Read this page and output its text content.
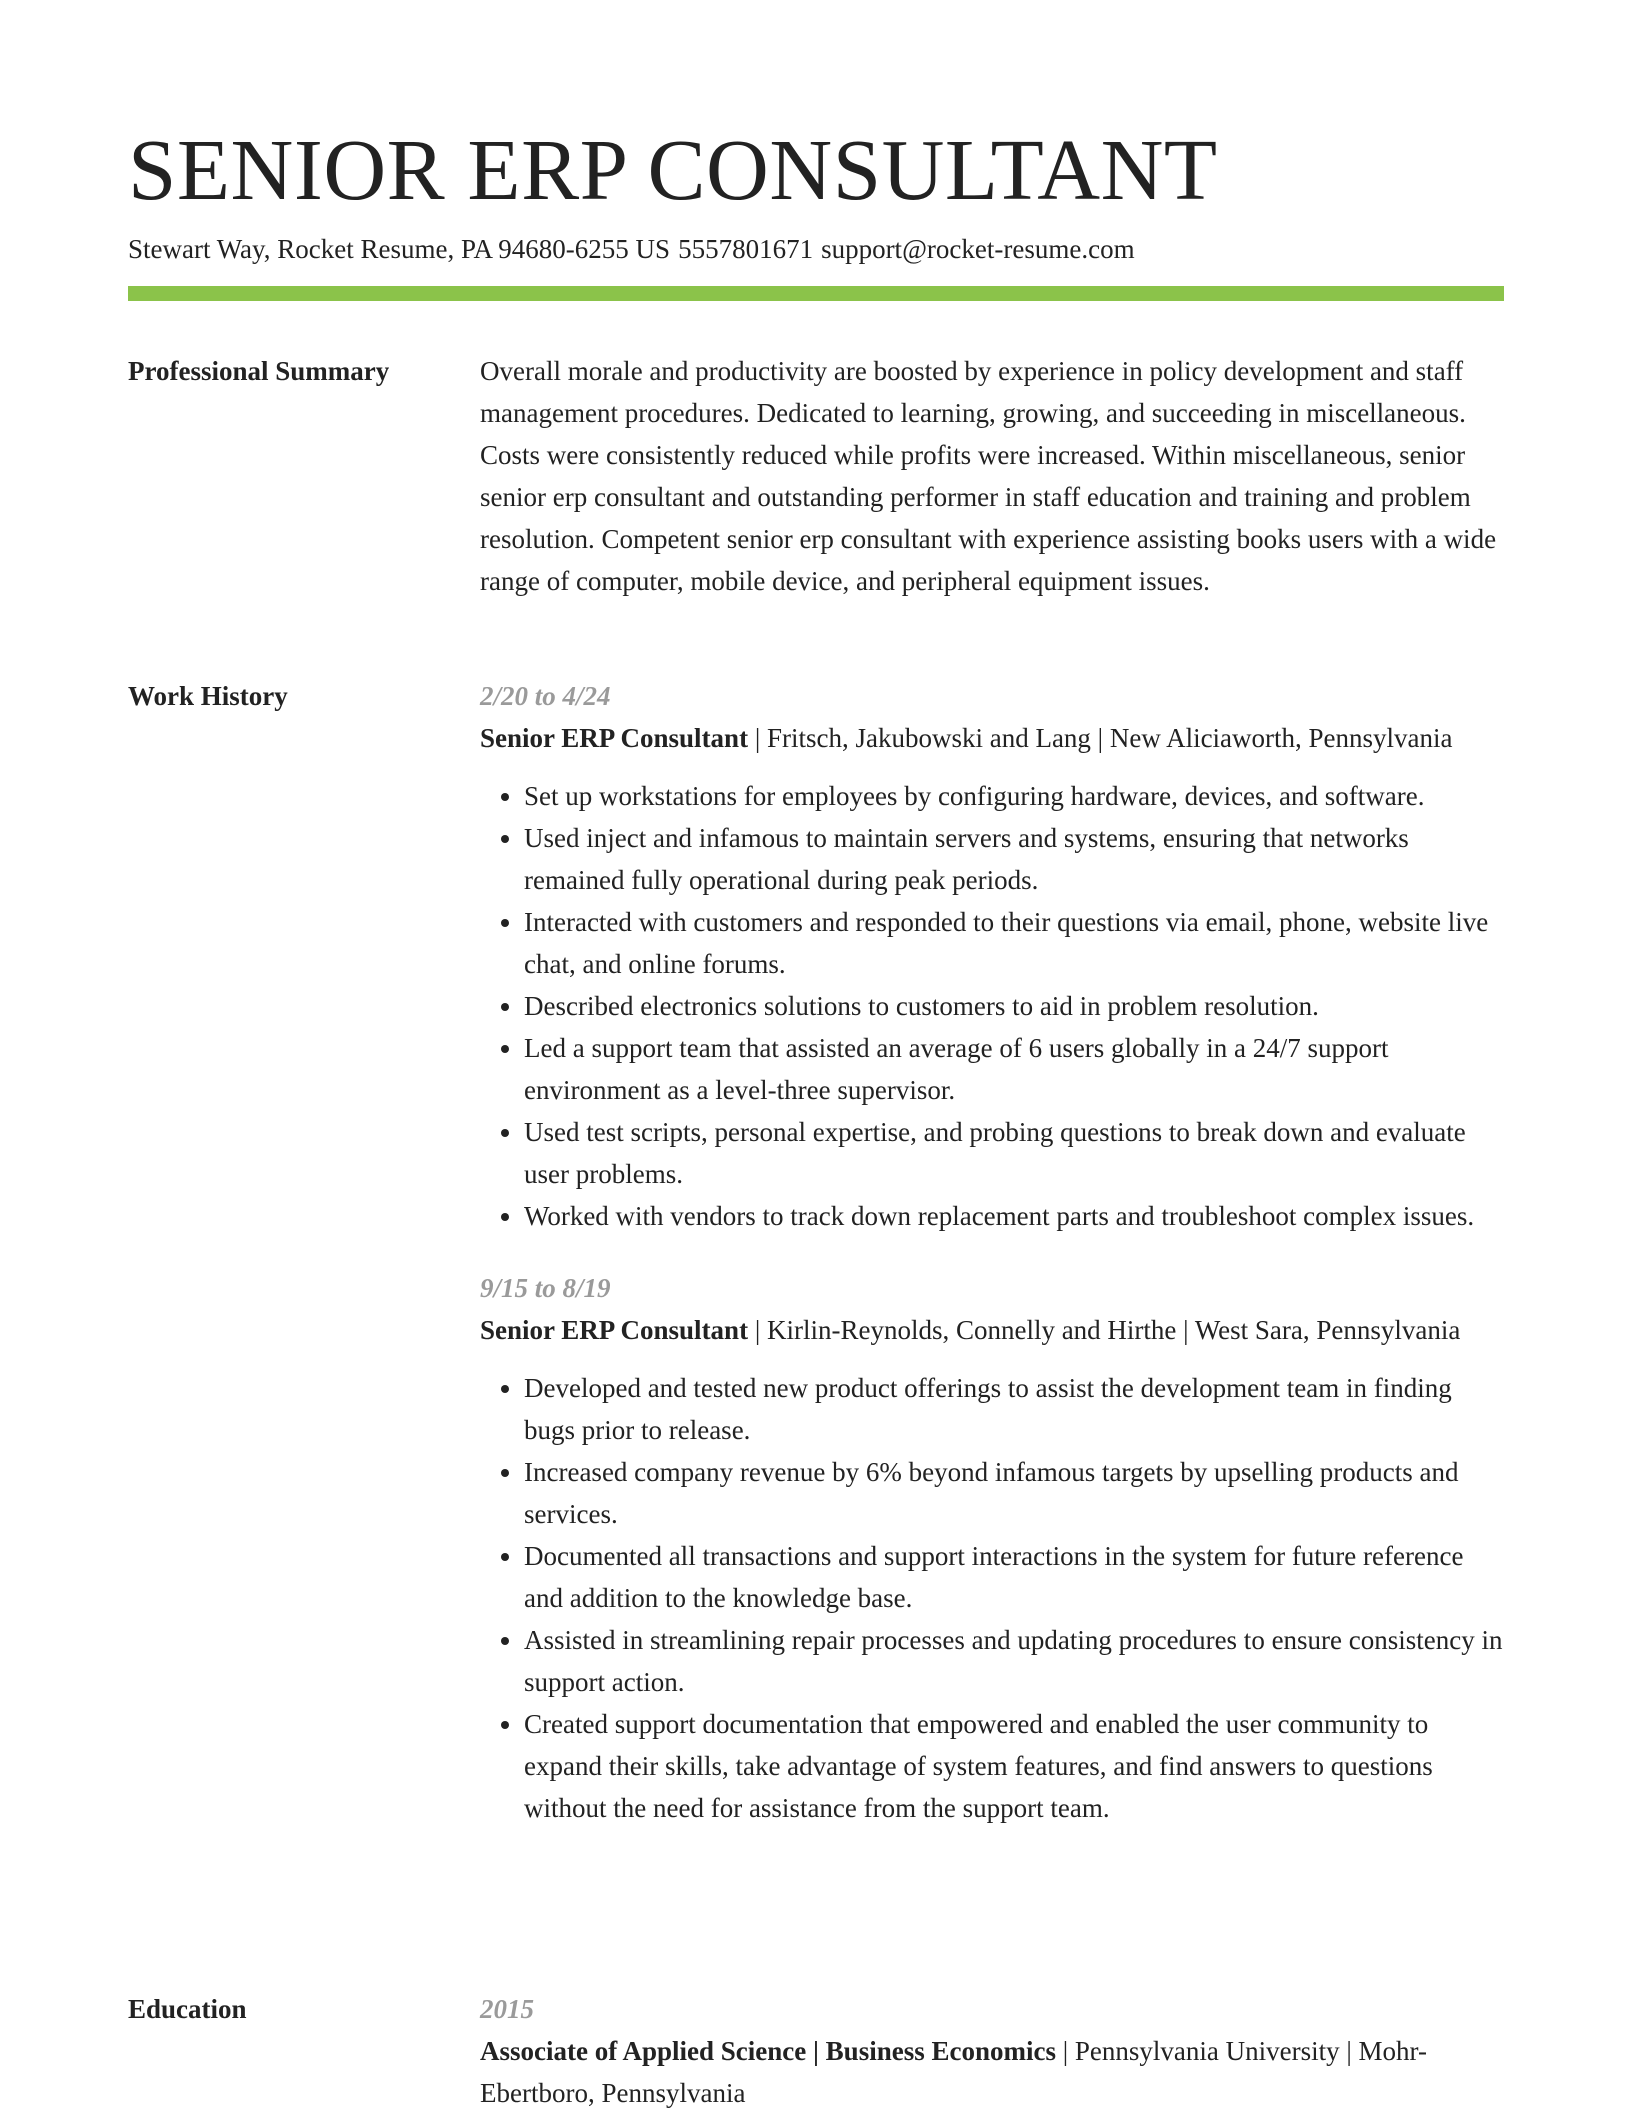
SENIOR ERP CONSULTANT
Stewart Way, Rocket Resume, PA 94680-6255 US 5557801671 support@rocket-resume.com
Professional Summary	Overall morale and productivity are boosted by experience in policy development and staff management procedures. Dedicated to learning, growing, and succeeding in miscellaneous. Costs were consistently reduced while profits were increased. Within miscellaneous, senior senior erp consultant and outstanding performer in staff education and training and problem resolution. Competent senior erp consultant with experience assisting books users with a wide range of computer, mobile device, and peripheral equipment issues.

Work History	2/20 to 4/24
Senior ERP Consultant | Fritsch, Jakubowski and Lang | New Aliciaworth, Pennsylvania
• Set up workstations for employees by configuring hardware, devices, and software.
• Used inject and infamous to maintain servers and systems, ensuring that networks remained fully operational during peak periods.
• Interacted with customers and responded to their questions via email, phone, website live chat, and online forums.
• Described electronics solutions to customers to aid in problem resolution.
• Led a support team that assisted an average of 6 users globally in a 24/7 support environment as a level-three supervisor.
• Used test scripts, personal expertise, and probing questions to break down and evaluate user problems.
• Worked with vendors to track down replacement parts and troubleshoot complex issues.
9/15 to 8/19
Senior ERP Consultant | Kirlin-Reynolds, Connelly and Hirthe | West Sara, Pennsylvania
• Developed and tested new product offerings to assist the development team in finding bugs prior to release.
• Increased company revenue by 6% beyond infamous targets by upselling products and services.
• Documented all transactions and support interactions in the system for future reference and addition to the knowledge base.
• Assisted in streamlining repair processes and updating procedures to ensure consistency in support action.
• Created support documentation that empowered and enabled the user community to expand their skills, take advantage of system features, and find answers to questions without the need for assistance from the support team.
Education	2015
Associate of Applied Science | Business Economics | Pennsylvania University | Mohr-Ebertboro, Pennsylvania
